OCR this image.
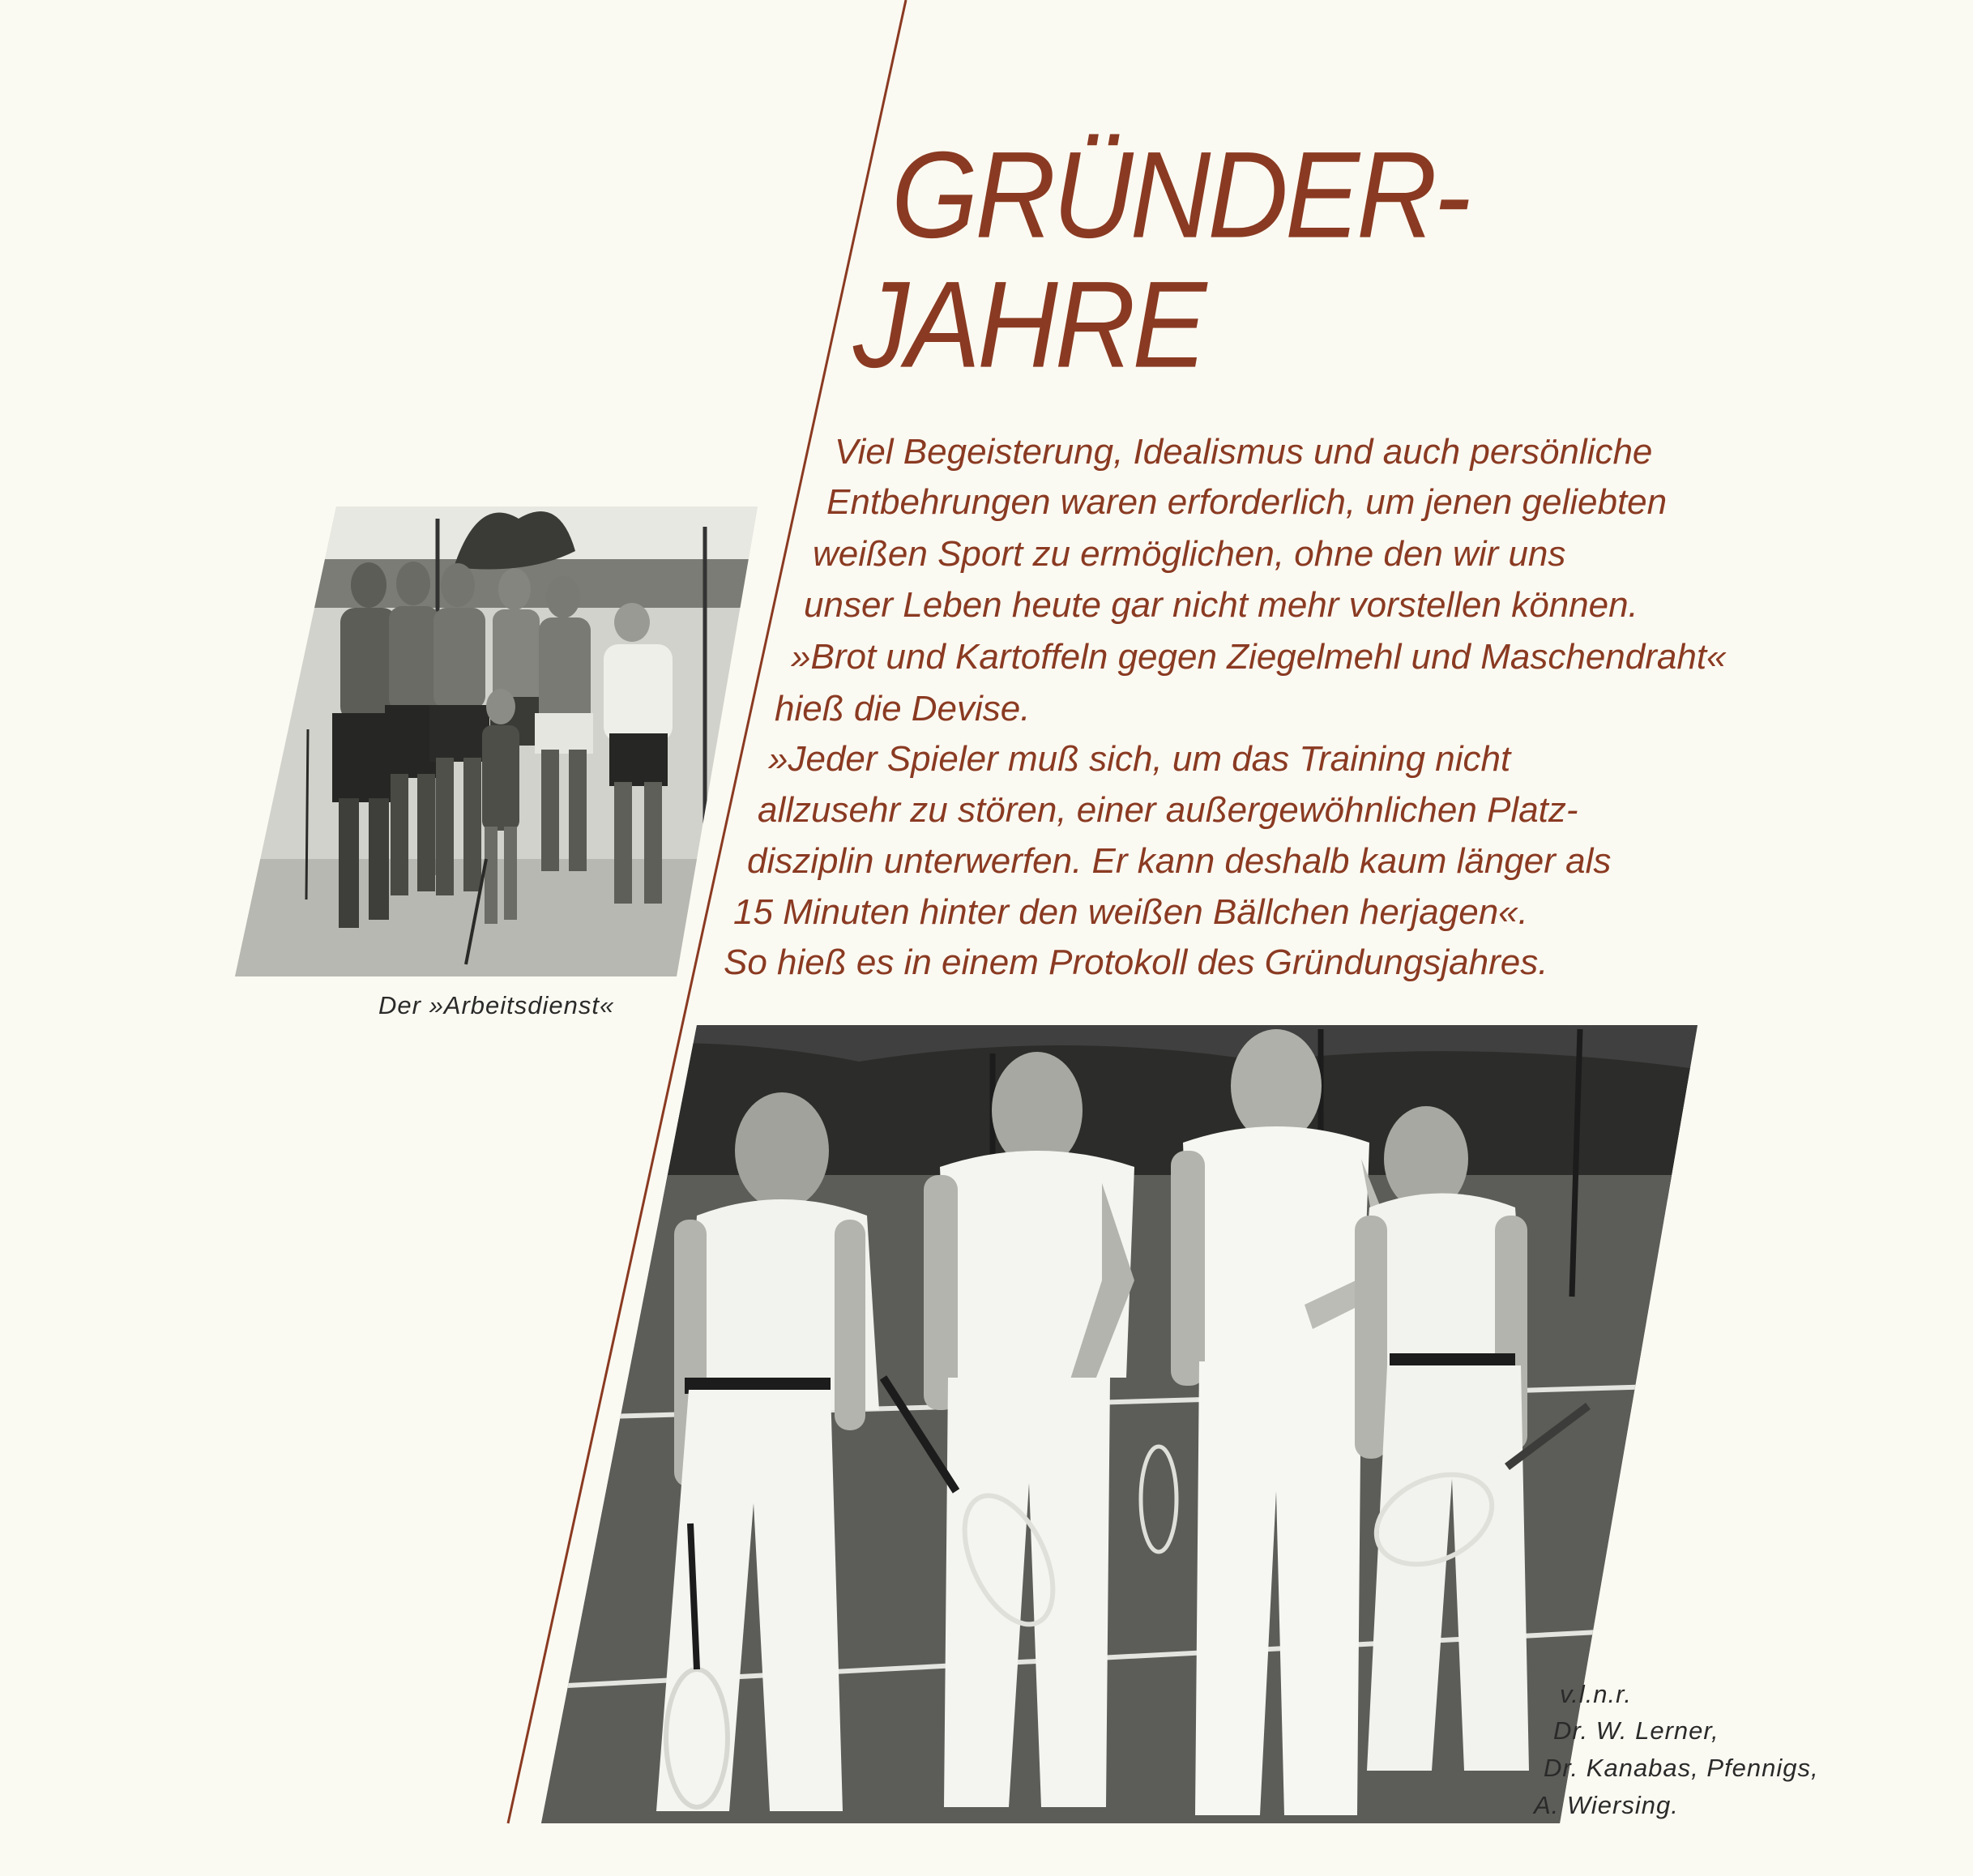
GRÜNDER-
JAHRE

Viel Begeisterung, Idealismus und auch persönliche

Entbehrungen waren erforderlich, um jenen geliebten

weißen Sport zu ermöglichen, ohne den wir uns

unser Leben heute gar nicht mehr vorstellen können.

»Brot und Kartoffeln gegen Ziegelmehl und Maschendraht«

hieß die Devise.

»Jeder Spieler muß sich, um das Training nicht

allzusehr zu stören, einer außergewöhnlichen Platz-

disziplin unterwerfen. Er kann deshalb kaum länger als

15 Minuten hinter den weißen Bällchen herjagen«.

So hieß es in einem Protokoll des Gründungsjahres.

Der »Arbeitsdienst«

v.l.n.r.

Dr. W. Lerner,

Dr. Kanabas, Pfennigs,

A. Wiersing.
